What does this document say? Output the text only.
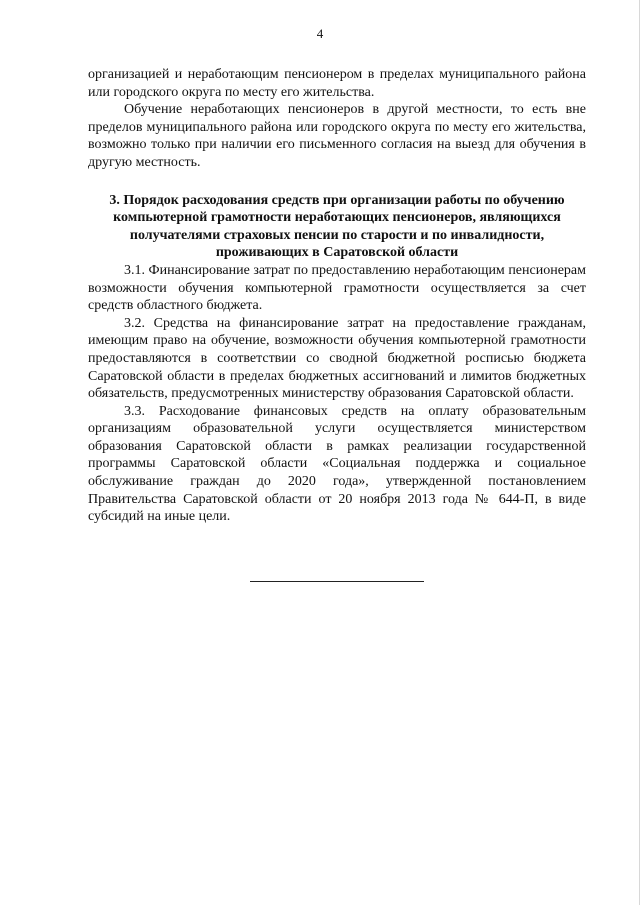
4

организацией и неработающим пенсионером в пределах муниципального района или городского округа по месту его жительства.

Обучение неработающих пенсионеров в другой местности, то есть вне пределов муниципального района или городского округа по месту его жительства, возможно только при наличии его письменного согласия на выезд для обучения в другую местность.

3. Порядок расходования средств при организации работы по обучению компьютерной грамотности неработающих пенсионеров, являющихся получателями страховых пенсии по старости и по инвалидности, проживающих в Саратовской области

3.1. Финансирование затрат по предоставлению неработающим пенсионерам возможности обучения компьютерной грамотности осуществляется за счет средств областного бюджета.

3.2. Средства на финансирование затрат на предоставление гражданам, имеющим право на обучение, возможности обучения компьютерной грамотности предоставляются в соответствии со сводной бюджетной росписью бюджета Саратовской области в пределах бюджетных ассигнований и лимитов бюджетных обязательств, предусмотренных министерству образования Саратовской области.

3.3. Расходование финансовых средств на оплату образовательным организациям образовательной услуги осуществляется министерством образования Саратовской области в рамках реализации государственной программы Саратовской области «Социальная поддержка и социальное обслуживание граждан до 2020 года», утвержденной постановлением Правительства Саратовской области от 20 ноября 2013 года № 644-П, в виде субсидий на иные цели.
